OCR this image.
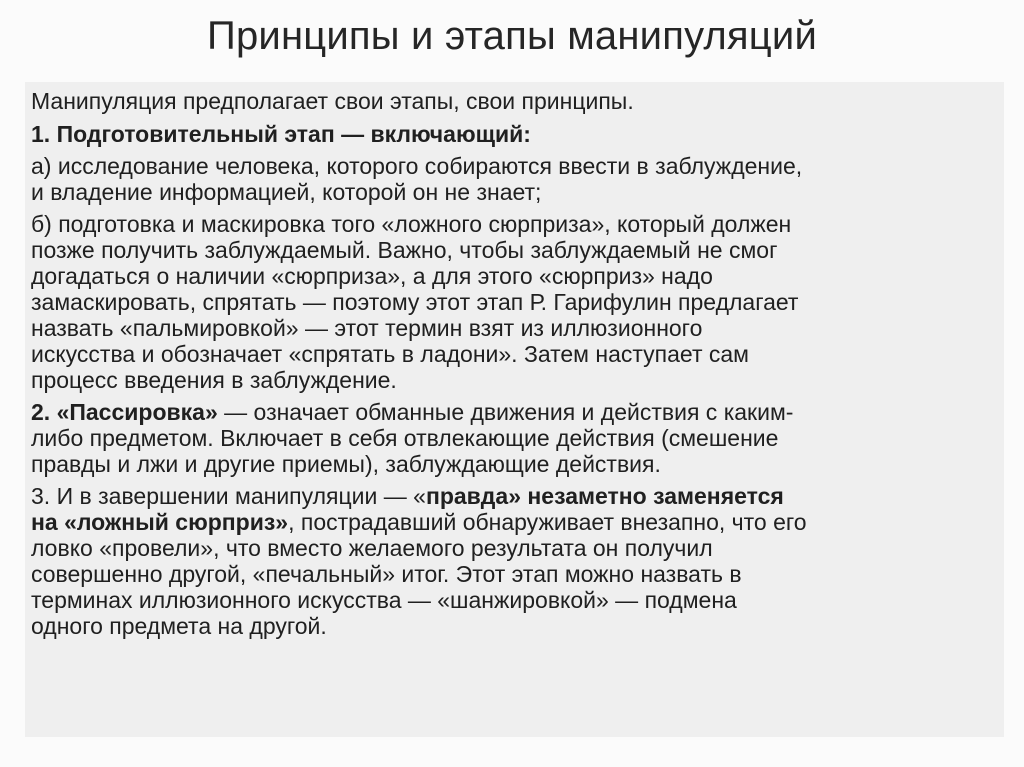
Принципы и этапы манипуляций

Манипуляция предполагает свои этапы, свои принципы.

1. Подготовительный этап — включающий:

а) исследование человека, которого собираются ввести в заблуждение,
и владение информацией, которой он не знает;

б) подготовка и маскировка того «ложного сюрприза», который должен
позже получить заблуждаемый. Важно, чтобы заблуждаемый не смог
догадаться о наличии «сюрприза», а для этого «сюрприз» надо
замаскировать, спрятать — поэтому этот этап Р. Гарифулин предлагает
назвать «пальмировкой» — этот термин взят из иллюзионного
искусства и обозначает «спрятать в ладони». Затем наступает сам
процесс введения в заблуждение.

2. «Пассировка» — означает обманные движения и действия с каким-
либо предметом. Включает в себя отвлекающие действия (смешение
правды и лжи и другие приемы), заблуждающие действия.

3. И в завершении манипуляции — «правда» незаметно заменяется
на «ложный сюрприз», пострадавший обнаруживает внезапно, что его
ловко «провели», что вместо желаемого результата он получил
совершенно другой, «печальный» итог. Этот этап можно назвать в
терминах иллюзионного искусства — «шанжировкой» — подмена
одного предмета на другой.
